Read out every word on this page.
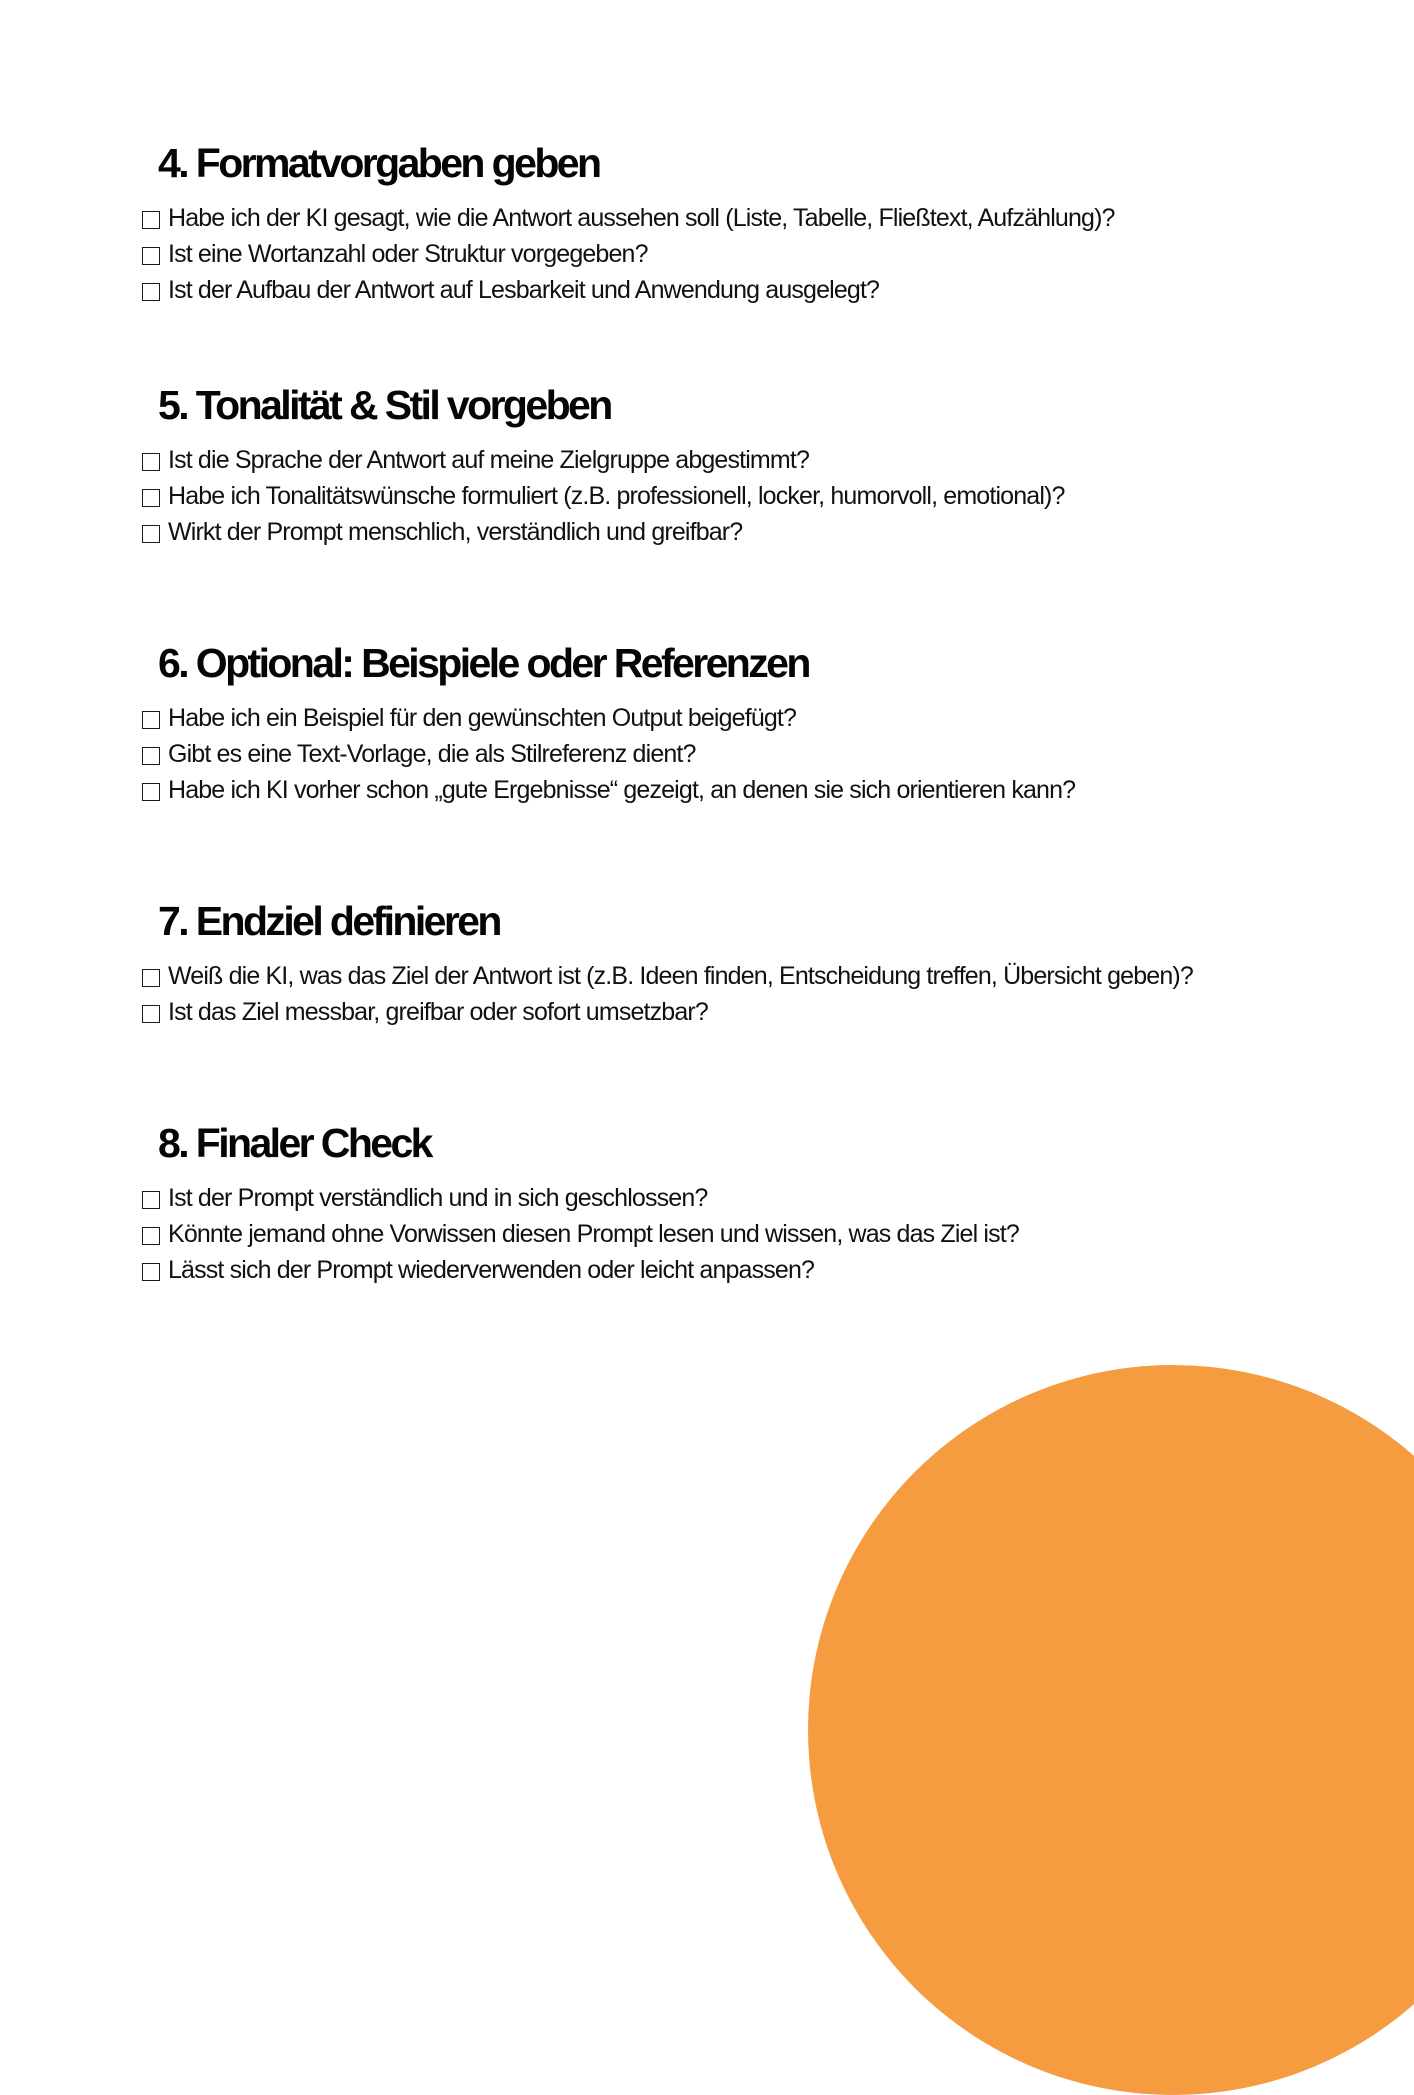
4. Formatvorgaben geben
Habe ich der KI gesagt, wie die Antwort aussehen soll (Liste, Tabelle, Fließtext, Aufzählung)?
Ist eine Wortanzahl oder Struktur vorgegeben?
Ist der Aufbau der Antwort auf Lesbarkeit und Anwendung ausgelegt?
5. Tonalität & Stil vorgeben
Ist die Sprache der Antwort auf meine Zielgruppe abgestimmt?
Habe ich Tonalitätswünsche formuliert (z.B. professionell, locker, humorvoll, emotional)?
Wirkt der Prompt menschlich, verständlich und greifbar?
6. Optional: Beispiele oder Referenzen
Habe ich ein Beispiel für den gewünschten Output beigefügt?
Gibt es eine Text-Vorlage, die als Stilreferenz dient?
Habe ich KI vorher schon „gute Ergebnisse“ gezeigt, an denen sie sich orientieren kann?
7. Endziel definieren
Weiß die KI, was das Ziel der Antwort ist (z.B. Ideen finden, Entscheidung treffen, Übersicht geben)?
Ist das Ziel messbar, greifbar oder sofort umsetzbar?
8. Finaler Check
Ist der Prompt verständlich und in sich geschlossen?
Könnte jemand ohne Vorwissen diesen Prompt lesen und wissen, was das Ziel ist?
Lässt sich der Prompt wiederverwenden oder leicht anpassen?
